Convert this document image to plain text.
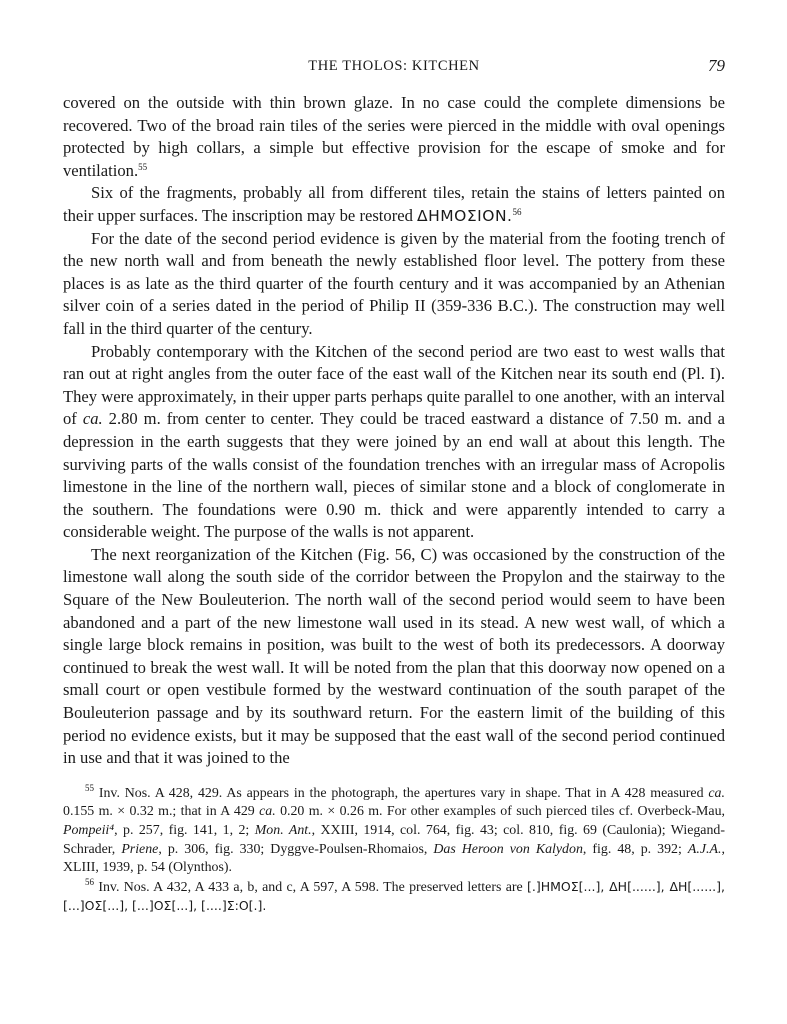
THE THOLOS: KITCHEN	79

covered on the outside with thin brown glaze. In no case could the complete dimensions be recovered. Two of the broad rain tiles of the series were pierced in the middle with oval openings protected by high collars, a simple but effective provision for the escape of smoke and for ventilation.$^{55}$

Six of the fragments, probably all from different tiles, retain the stains of letters painted on their upper surfaces. The inscription may be restored ΔΗΜΟΣΙΟΝ.$^{56}$

For the date of the second period evidence is given by the material from the footing trench of the new north wall and from beneath the newly established floor level. The pottery from these places is as late as the third quarter of the fourth century and it was accompanied by an Athenian silver coin of a series dated in the period of Philip II (359-336 B.C.). The construction may well fall in the third quarter of the century.

Probably contemporary with the Kitchen of the second period are two east to west walls that ran out at right angles from the outer face of the east wall of the Kitchen near its south end (Pl. I). They were approximately, in their upper parts perhaps quite parallel to one another, with an interval of ca. 2.80 m. from center to center. They could be traced eastward a distance of 7.50 m. and a depression in the earth suggests that they were joined by an end wall at about this length. The surviving parts of the walls consist of the foundation trenches with an irregular mass of Acropolis limestone in the line of the northern wall, pieces of similar stone and a block of conglomerate in the southern. The foundations were 0.90 m. thick and were apparently intended to carry a considerable weight. The purpose of the walls is not apparent.

The next reorganization of the Kitchen (Fig. 56, C) was occasioned by the construction of the limestone wall along the south side of the corridor between the Propylon and the stairway to the Square of the New Bouleuterion. The north wall of the second period would seem to have been abandoned and a part of the new limestone wall used in its stead. A new west wall, of which a single large block remains in position, was built to the west of both its predecessors. A doorway continued to break the west wall. It will be noted from the plan that this doorway now opened on a small court or open vestibule formed by the westward continuation of the south parapet of the Bouleuterion passage and by its southward return. For the eastern limit of the building of this period no evidence exists, but it may be supposed that the east wall of the second period continued in use and that it was joined to the

$^{55}$ Inv. Nos. A 428, 429. As appears in the photograph, the apertures vary in shape. That in A 428 measured ca. 0.155 m. × 0.32 m.; that in A 429 ca. 0.20 m. × 0.26 m. For other examples of such pierced tiles cf. Overbeck-Mau, Pompeii⁴, p. 257, fig. 141, 1, 2; Mon. Ant., XXIII, 1914, col. 764, fig. 43; col. 810, fig. 69 (Caulonia); Wiegand-Schrader, Priene, p. 306, fig. 330; Dyggve-Poulsen-Rhomaios, Das Heroon von Kalydon, fig. 48, p. 392; A.J.A., XLIII, 1939, p. 54 (Olynthos).

$^{56}$ Inv. Nos. A 432, A 433 a, b, and c, A 597, A 598. The preserved letters are [.]ΗΜΟΣ[...], ΔΗ[......], ΔΗ[......], [...]ΟΣ[...], [...]ΟΣ[...], [....]Σ:Ο[.].
